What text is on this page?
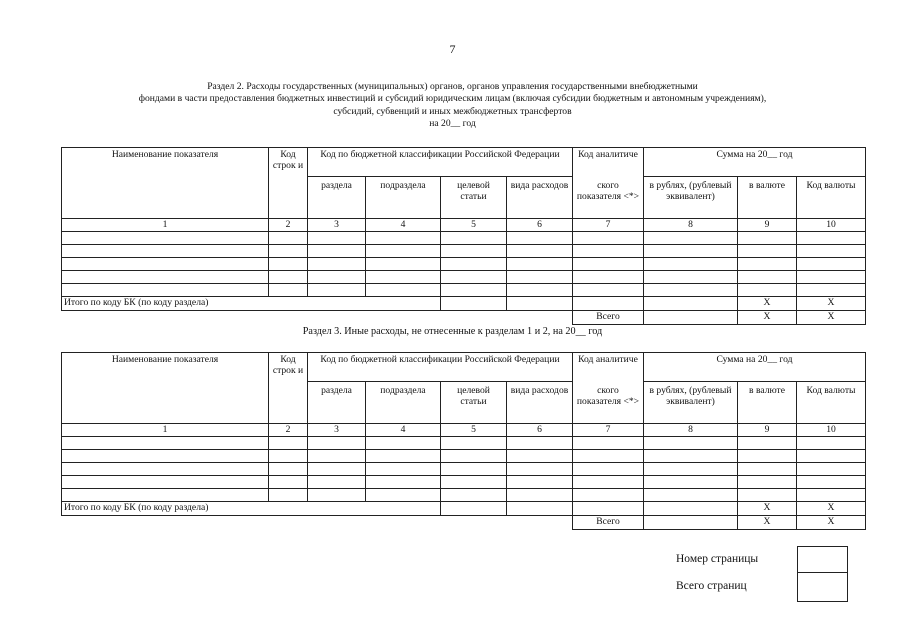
7
Раздел 2. Расходы государственных (муниципальных) органов, органов управления государственными внебюджетными
фондами в части предоставления бюджетных инвестиций и субсидий юридическим лицам (включая субсидии бюджетным и автономным учреждениям),
субсидий, субвенций и иных межбюджетных трансфертов
на 20__ год
Наименование показателя	Код строк и	Код по бюджетной классификации Российской Федерации				Код аналитиче	Сумма на 20__ год		
		раздела	подраздела	целевой статьи	вида расходов	ского показателя <*>	в рублях, (рублевый эквивалент)	в валюте	Код валюты
1	2	3	4	5	6	7	8	9	10

Итого по коду БК (по коду раздела)								X	X
						Всего		X	X
Раздел 3. Иные расходы, не отнесенные к разделам 1 и 2, на 20__ год
Наименование показателя	Код строк и	Код по бюджетной классификации Российской Федерации				Код аналитиче	Сумма на 20__ год		
		раздела	подраздела	целевой статьи	вида расходов	ского показателя <*>	в рублях, (рублевый эквивалент)	в валюте	Код валюты
1	2	3	4	5	6	7	8	9	10

Итого по коду БК (по коду раздела)								X	X
						Всего		X	X
Номер страницы
Всего страниц
